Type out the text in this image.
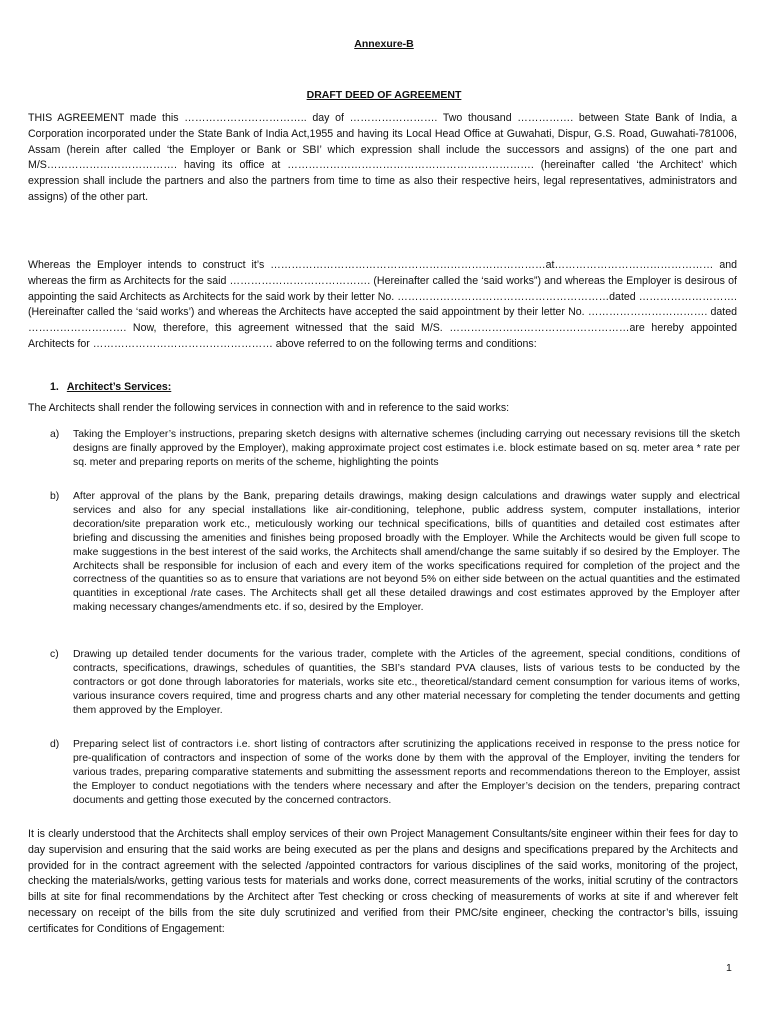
Annexure-B
DRAFT DEED OF AGREEMENT
THIS AGREEMENT made this …………………………….. day of ……………………. Two thousand ……………. between State Bank of India, a Corporation incorporated under the State Bank of India Act,1955 and having its Local Head Office at Guwahati, Dispur, G.S. Road, Guwahati-781006, Assam (herein after called ‘the Employer or Bank or SBI’ which expression shall include the successors and assigns) of the one part and M/S………………………………. having its office at ……………………………………………………………. (hereinafter called ‘the Architect’ which expression shall include the partners and also the partners from time to time as also their respective heirs, legal representatives, administrators and assigns) of the other part.
Whereas the Employer intends to construct it’s ……………………………………………………………………at……………………………………… and whereas the firm as Architects for the said …………………………………. (Hereinafter called the ‘said works”) and whereas the Employer is desirous of appointing the said Architects as Architects for the said work by their letter No. ……………………………………………………dated ………………………. (Hereinafter called the ‘said works’) and whereas the Architects have accepted the said appointment by their letter No. ……………………………. dated ………………………. Now, therefore, this agreement witnessed that the said M/S. ……………………………………………are hereby appointed Architects for …………………………………………… above referred to on the following terms and conditions:
1. Architect’s Services:
The Architects shall render the following services in connection with and in reference to the said works:
a)	Taking the Employer’s instructions, preparing sketch designs with alternative schemes (including carrying out necessary revisions till the sketch designs are finally approved by the Employer), making approximate project cost estimates i.e. block estimate based on sq. meter area * rate per sq. meter and preparing reports on merits of the scheme, highlighting the points
b)	After approval of the plans by the Bank, preparing details drawings, making design calculations and drawings water supply and electrical services and also for any special installations like air-conditioning, telephone, public address system, computer installations, interior decoration/site preparation work etc., meticulously working our technical specifications, bills of quantities and detailed cost estimates after briefing and discussing the amenities and finishes being proposed broadly with the Employer. While the Architects would be given full scope to make suggestions in the best interest of the said works, the Architects shall amend/change the same suitably if so desired by the Employer. The Architects shall be responsible for inclusion of each and every item of the works specifications required for completion of the project and the correctness of the quantities so as to ensure that variations are not beyond 5% on either side between on the actual quantities and the estimated quantities in exceptional /rate cases. The Architects shall get all these detailed drawings and cost estimates approved by the Employer after making necessary changes/amendments etc. if so, desired by the Employer.
c)	Drawing up detailed tender documents for the various trader, complete with the Articles of the agreement, special conditions, conditions of contracts, specifications, drawings, schedules of quantities, the SBI’s standard PVA clauses, lists of various tests to be conducted by the contractors or got done through laboratories for materials, works site etc., theoretical/standard cement consumption for various items of works, various insurance covers required, time and progress charts and any other material necessary for completing the tender documents and getting them approved by the Employer.
d)	Preparing select list of contractors i.e. short listing of contractors after scrutinizing the applications received in response to the press notice for pre-qualification of contractors and inspection of some of the works done by them with the approval of the Employer, inviting the tenders for various trades, preparing comparative statements and submitting the assessment reports and recommendations thereon to the Employer, assist the Employer to conduct negotiations with the tenders where necessary and after the Employer’s decision on the tenders, preparing contract documents and getting those executed by the concerned contractors.
It is clearly understood that the Architects shall employ services of their own Project Management Consultants/site engineer within their fees for day to day supervision and ensuring that the said works are being executed as per the plans and designs and specifications prepared by the Architects and provided for in the contract agreement with the selected /appointed contractors for various disciplines of the said works, monitoring of the project, checking the materials/works, getting various tests for materials and works done, correct measurements of the works, initial scrutiny of the contractors bills at site for final recommendations by the Architect after Test checking or cross checking of measurements of works at site if and wherever felt necessary on receipt of the bills from the site duly scrutinized and verified from their PMC/site engineer, checking the contractor’s bills, issuing certificates for Conditions of Engagement:
1
